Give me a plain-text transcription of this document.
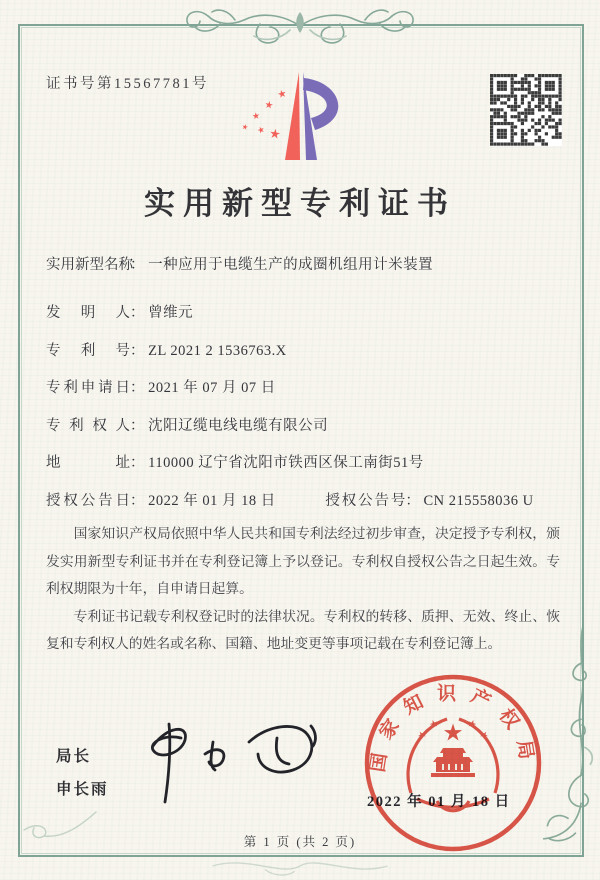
证书号第15567781号
实用新型专利证书
实用新型名称： 一种应用于电缆生产的成圈机组用计米装置
发明人： 曾维元
专利号： ZL 2021 2 1536763.X
专利申请日： 2021 年 07 月 07 日
专利权人： 沈阳辽缆电线电缆有限公司
地址： 110000 辽宁省沈阳市铁西区保工南街51号
授权公告日： 2022 年 01 月 18 日	授权公告号： CN 215558036 U

国家知识产权局依照中华人民共和国专利法经过初步审查，决定授予专利权，颁发实用新型专利证书并在专利登记簿上予以登记。专利权自授权公告之日起生效。专利权期限为十年，自申请日起算。

专利证书记载专利权登记时的法律状况。专利权的转移、质押、无效、终止、恢复和专利权人的姓名或名称、国籍、地址变更等事项记载在专利登记簿上。

局长
申长雨
2022 年 01 月 18 日
国家知识产权局
第 1 页 (共 2 页)
